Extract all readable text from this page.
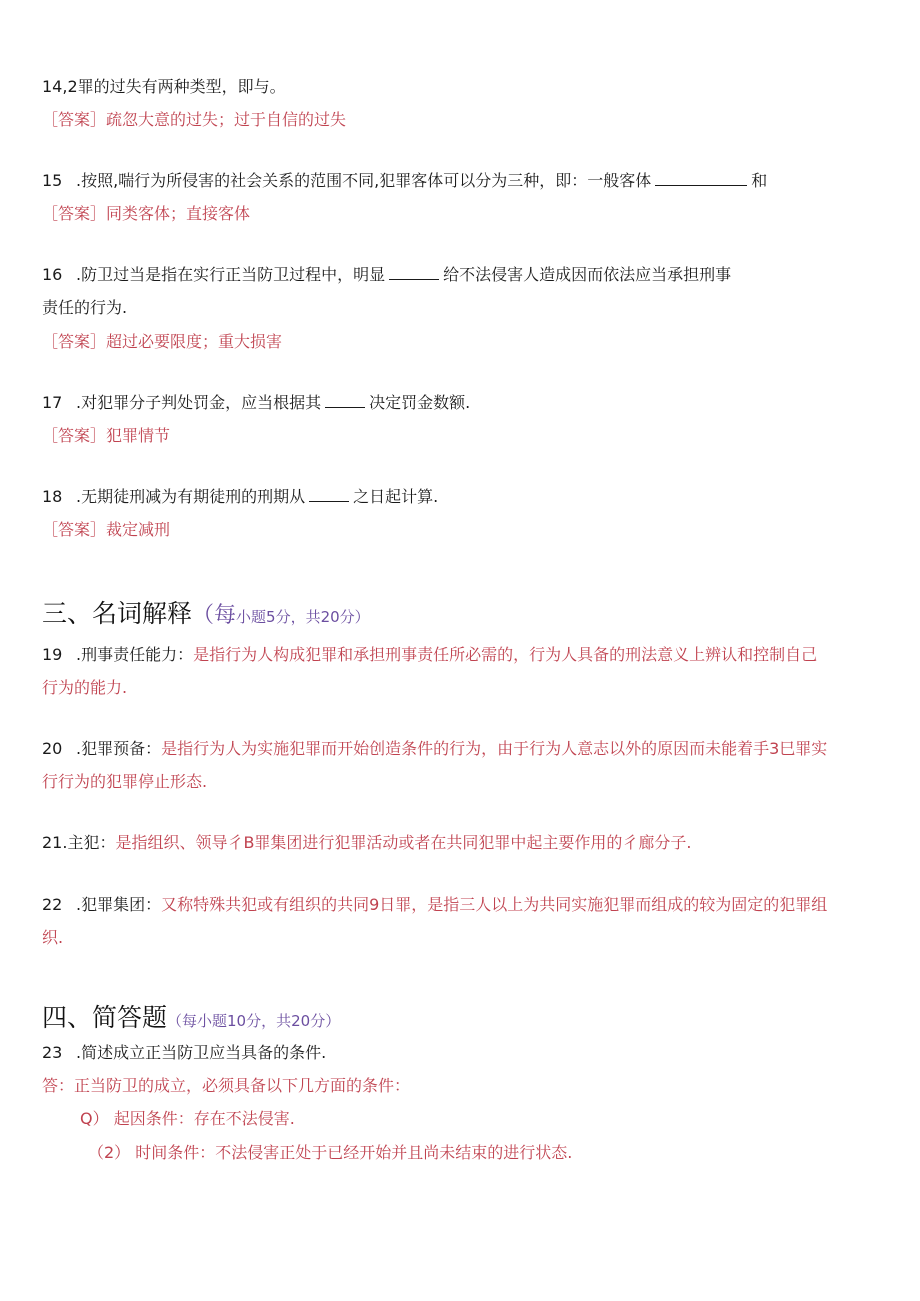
14,2罪的过失有两种类型，即与。
［答案］疏忽大意的过失；过于自信的过失
15 .按照,喘行为所侵害的社会关系的范围不同,犯罪客体可以分为三种，即：一般客体	和
［答案］同类客体；直接客体
16 .防卫过当是指在实行正当防卫过程中，明显	给不法侵害人造成因而依法应当承担刑事
责任的行为.
［答案］超过必要限度；重大损害
17 .对犯罪分子判处罚金，应当根据其	决定罚金数额.
［答案］犯罪情节
18 .无期徒刑减为有期徒刑的刑期从	之日起计算.
［答案］裁定减刑
三、名词解释（每小题5分，共20分）
19 .刑事责任能力：是指行为人构成犯罪和承担刑事责任所必需的，行为人具备的刑法意义上辨认和控制自己
行为的能力.
20 .犯罪预备：是指行为人为实施犯罪而开始创造条件的行为，由于行为人意志以外的原因而未能着手3巳罪实
行行为的犯罪停止形态.
21.主犯：是指组织、领导彳B罪集团进行犯罪活动或者在共同犯罪中起主要作用的彳廊分子.
22 .犯罪集团：又称特殊共犯或有组织的共同9日罪，是指三人以上为共同实施犯罪而组成的较为固定的犯罪组
织.
四、简答题（每小题10分，共20分）
23 .简述成立正当防卫应当具备的条件.
答：正当防卫的成立，必须具备以下几方面的条件：
Q） 起因条件：存在不法侵害.
（2） 时间条件：不法侵害正处于已经开始并且尚未结束的进行状态.
